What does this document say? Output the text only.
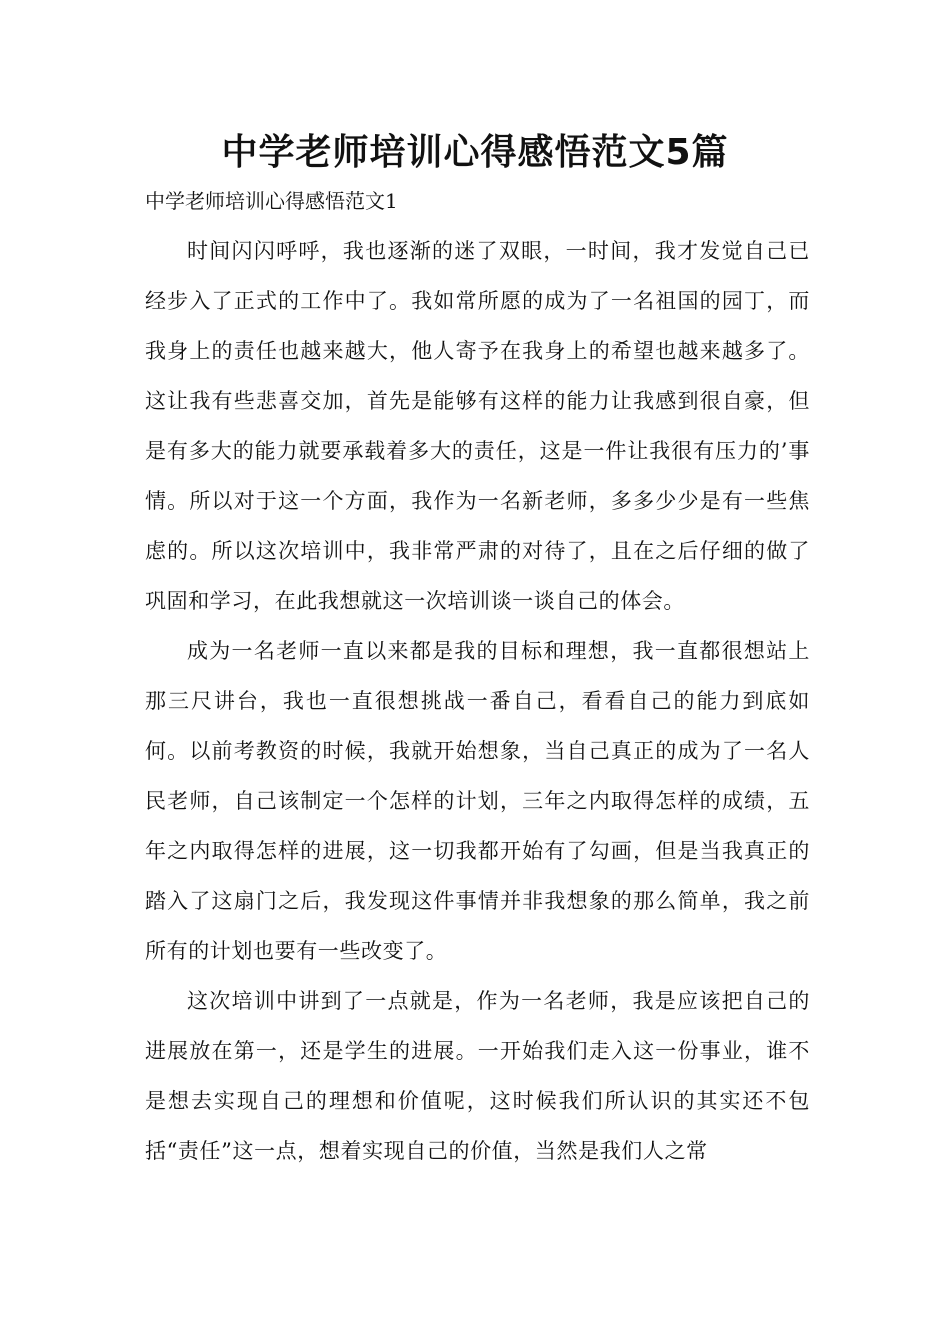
中学老师培训心得感悟范文5篇

中学老师培训心得感悟范文1

时间闪闪呼呼，我也逐渐的迷了双眼，一时间，我才发觉自己已经步入了正式的工作中了。我如常所愿的成为了一名祖国的园丁，而我身上的责任也越来越大，他人寄予在我身上的希望也越来越多了。这让我有些悲喜交加，首先是能够有这样的能力让我感到很自豪，但是有多大的能力就要承载着多大的责任，这是一件让我很有压力的’事情。所以对于这一个方面，我作为一名新老师，多多少少是有一些焦虑的。所以这次培训中，我非常严肃的对待了，且在之后仔细的做了巩固和学习，在此我想就这一次培训谈一谈自己的体会。

成为一名老师一直以来都是我的目标和理想，我一直都很想站上那三尺讲台，我也一直很想挑战一番自己，看看自己的能力到底如何。以前考教资的时候，我就开始想象，当自己真正的成为了一名人民老师，自己该制定一个怎样的计划，三年之内取得怎样的成绩，五年之内取得怎样的进展，这一切我都开始有了勾画，但是当我真正的踏入了这扇门之后，我发现这件事情并非我想象的那么简单，我之前所有的计划也要有一些改变了。

这次培训中讲到了一点就是，作为一名老师，我是应该把自己的进展放在第一，还是学生的进展。一开始我们走入这一份事业，谁不是想去实现自己的理想和价值呢，这时候我们所认识的其实还不包括“责任”这一点，想着实现自己的价值，当然是我们人之常
